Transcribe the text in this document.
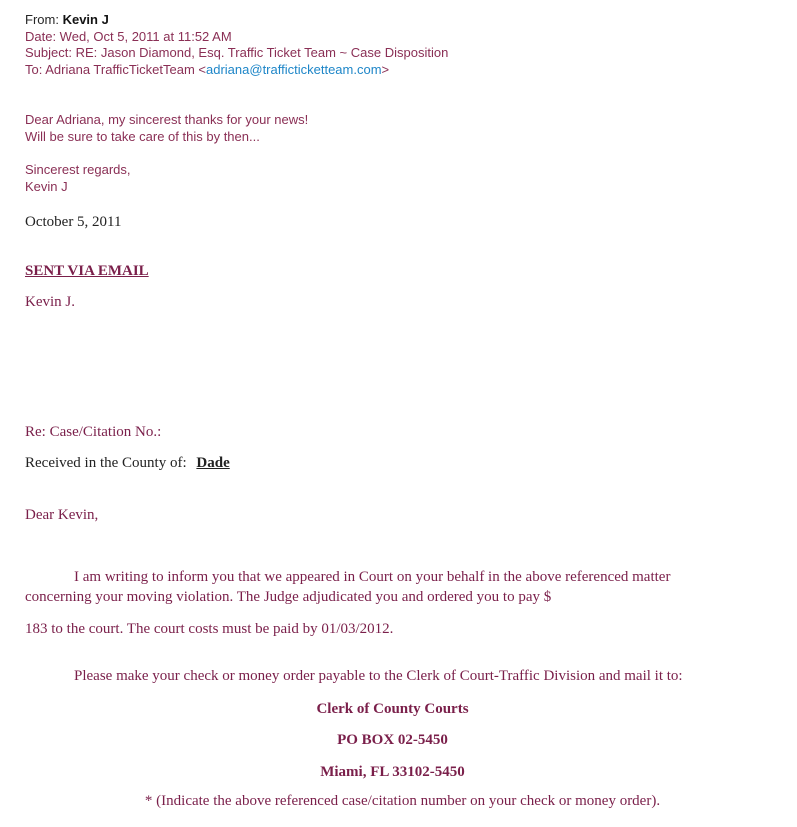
From: Kevin J
Date: Wed, Oct 5, 2011 at 11:52 AM
Subject: RE: Jason Diamond, Esq. Traffic Ticket Team ~ Case Disposition
To: Adriana TrafficTicketTeam <adriana@trafficticketteam.com>
Dear Adriana, my sincerest thanks for your news!
Will be sure to take care of this by then...
Sincerest regards,
Kevin J
October 5, 2011
SENT VIA EMAIL
Kevin J.
Re: Case/Citation No.:
Received in the County of: Dade
Dear Kevin,
I am writing to inform you that we appeared in Court on your behalf in the above referenced matter
concerning your moving violation. The Judge adjudicated you and ordered you to pay $
183 to the court. The court costs must be paid by 01/03/2012.
Please make your check or money order payable to the Clerk of Court-Traffic Division and mail it to:
Clerk of County Courts
PO BOX 02-5450
Miami, FL 33102-5450
* (Indicate the above referenced case/citation number on your check or money order).
